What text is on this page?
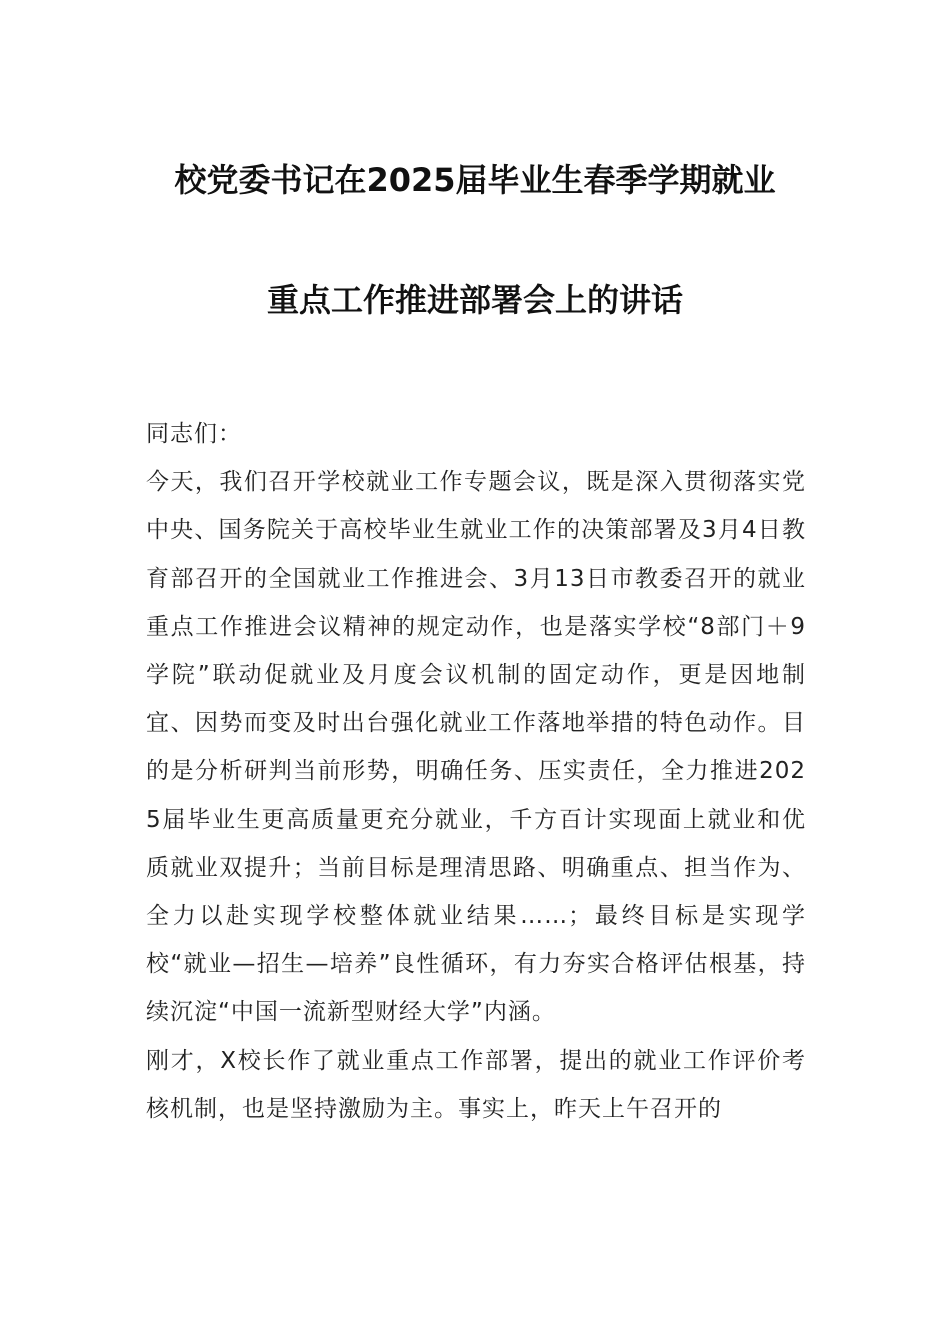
校党委书记在2025届毕业生春季学期就业
重点工作推进部署会上的讲话

同志们：

今天，我们召开学校就业工作专题会议，既是深入贯彻落实党中央、国务院关于高校毕业生就业工作的决策部署及3月4日教育部召开的全国就业工作推进会、3月13日市教委召开的就业重点工作推进会议精神的规定动作，也是落实学校“8部门＋9学院”联动促就业及月度会议机制的固定动作，更是因地制宜、因势而变及时出台强化就业工作落地举措的特色动作。目的是分析研判当前形势，明确任务、压实责任，全力推进2025届毕业生更高质量更充分就业，千方百计实现面上就业和优质就业双提升；当前目标是理清思路、明确重点、担当作为、全力以赴实现学校整体就业结果……；最终目标是实现学校“就业—招生—培养”良性循环，有力夯实合格评估根基，持续沉淀“中国一流新型财经大学”内涵。

刚才，X校长作了就业重点工作部署，提出的就业工作评价考核机制，也是坚持激励为主。事实上，昨天上午召开的
